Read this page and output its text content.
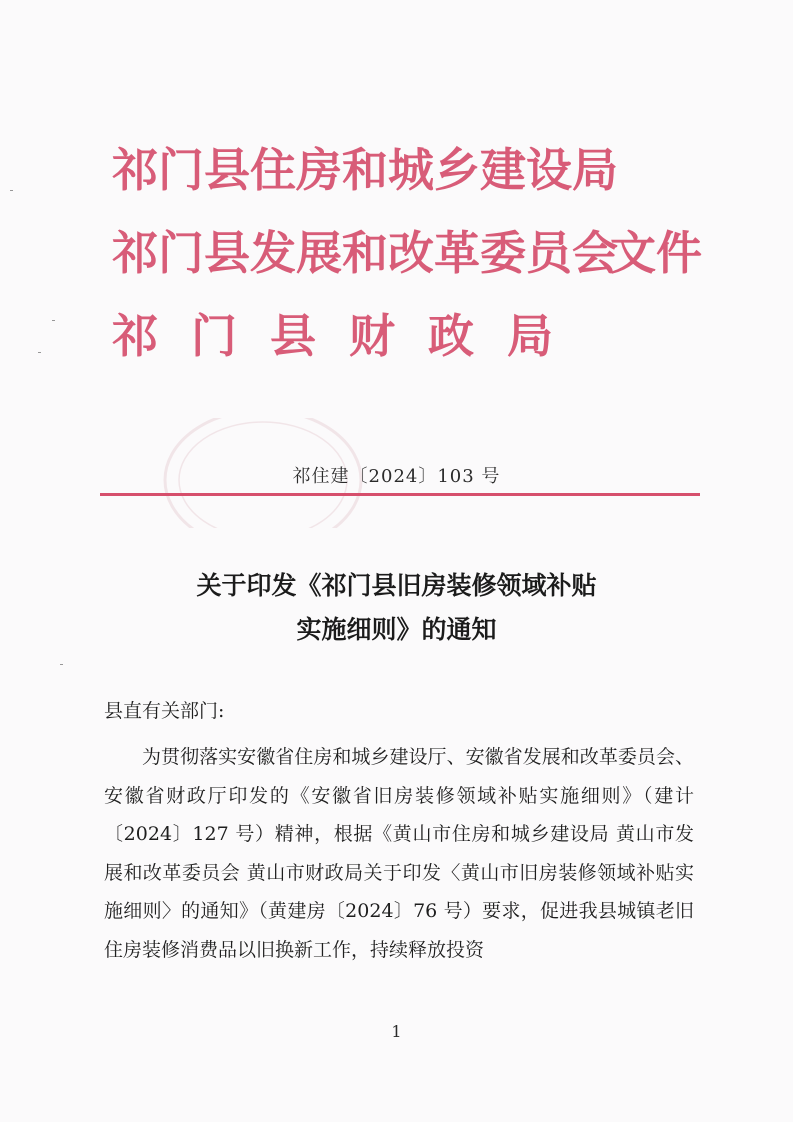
祁门县住房和城乡建设局
祁门县发展和改革委员会
祁门县财政局
文件
祁住建〔2024〕103 号
关于印发《祁门县旧房装修领域补贴
实施细则》的通知
县直有关部门:

为贯彻落实安徽省住房和城乡建设厅、安徽省发展和改革委员会、安徽省财政厅印发的《安徽省旧房装修领域补贴实施细则》（建计〔2024〕127 号）精神，根据《黄山市住房和城乡建设局 黄山市发展和改革委员会 黄山市财政局关于印发〈黄山市旧房装修领域补贴实施细则〉的通知》（黄建房〔2024〕76 号）要求，促进我县城镇老旧住房装修消费品以旧换新工作，持续释放投资

1
